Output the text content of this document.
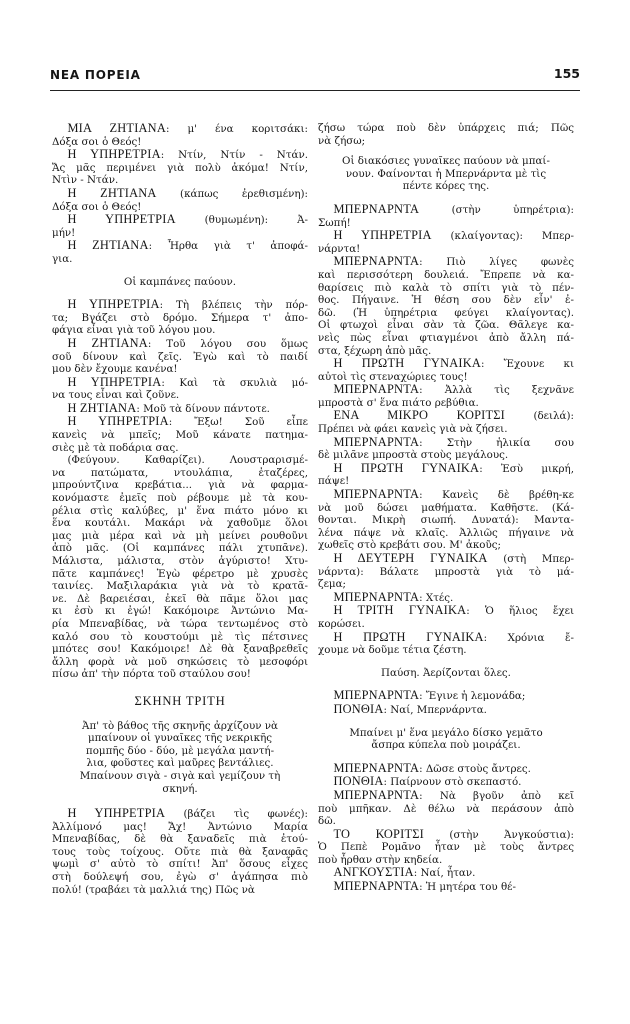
ΝΕΑ ΠΟΡΕΙΑ	155
ΜΙΑ ΖΗΤΙΑΝΑ: μ' ένα κοριτσάκι:
Δόξα σοι ὁ Θεός!
Η ΥΠΗΡΕΤΡΙΑ: Ντίν, Ντίν - Ντάν.
Ἄς μᾶς περιμένει γιὰ πολὺ ἀκόμα! Ντίν,
Ντὶν - Ντάν.
Η ΖΗΤΙΑΝΑ (κάπως ἐρεθισμένη):
Δόξα σοι ὁ Θεός!
Η ΥΠΗΡΕΤΡΙΑ (θυμωμένη): Ἀ-
μήν!
Η ΖΗΤΙΑΝΑ: Ἦρθα γιὰ τ' ἀποφά-
για.
Οἱ καμπάνες παύουν.
Η ΥΠΗΡΕΤΡΙΑ: Τὴ βλέπεις τὴν πόρ-
τα; Βγάζει στὸ δρόμο. Σήμερα τ' ἀπο-
φάγια εἶναι γιὰ τοῦ λόγου μου.
Η ΖΗΤΙΑΝΑ: Τοῦ λόγου σου ὅμως
σοῦ δίνουν καὶ ζεῖς. Ἐγὼ καὶ τὸ παιδί
μου δὲν ἔχουμε κανένα!
Η ΥΠΗΡΕΤΡΙΑ: Καὶ τὰ σκυλιὰ μό-
να τους εἶναι καὶ ζοῦνε.
Η ΖΗΤΙΑΝΑ: Μοῦ τὰ δίνουν πάντοτε.
Η ΥΠΗΡΕΤΡΙΑ: Ἔξω! Σοῦ εἶπε
κανεὶς νὰ μπεῖς; Μοῦ κάνατε πατημα-
σιὲς μὲ τὰ ποδάρια σας.
(Φεύγουν. Καθαρίζει). Λουστραρισμέ-
να πατώματα, ντουλάπια, ἐταζέρες,
μπρούντζινα κρεβάτια... γιὰ νὰ φαρμα-
κονόμαστε ἐμεῖς ποὺ ρέβουμε μὲ τὰ κου-
ρέλια στὶς καλύβες, μ' ἕνα πιάτο μόνο κι
ἕνα κουτάλι. Μακάρι νὰ χαθοῦμε ὅλοι
μας μιὰ μέρα καὶ νὰ μὴ μείνει ρουθοῦνι
ἀπὸ μᾶς. (Οἱ καμπάνες πάλι χτυπᾶνε).
Μάλιστα, μάλιστα, στὸν ἀγύριστο! Χτυ-
πᾶτε καμπάνες! Ἐγὼ φέρετρο μὲ χρυσὲς
ταινίες. Μαξιλαράκια γιὰ νὰ τὸ κρατᾶ-
νε. Δὲ βαρειέσαι, ἐκεῖ θὰ πᾶμε ὅλοι μας
κι ἐσὺ κι ἐγώ! Κακόμοιρε Ἀντώνιο Μα-
ρία Μπεναβίδας, νὰ τώρα τεντωμένος στὸ
καλό σου τὸ κουστούμι μὲ τὶς πέτσινες
μπότες σου! Κακόμοιρε! Δὲ θὰ ξαναβρεθεῖς
ἄλλη φορὰ νὰ μοῦ σηκώσεις τὸ μεσοφόρι
πίσω ἀπ' τὴν πόρτα τοῦ σταύλου σου!
ΣΚΗΝΗ ΤΡΙΤΗ
Ἀπ' τὸ βάθος τῆς σκηνῆς ἀρχίζουν νὰ
μπαίνουν οἱ γυναῖκες τῆς νεκρικῆς
πομπῆς δύο - δύο, μὲ μεγάλα μαντή-
λια, φοῦστες καὶ μαῦρες βεντάλιες.
Μπαίνουν σιγὰ - σιγὰ καὶ γεμίζουν τὴ
σκηνή.
Η ΥΠΗΡΕΤΡΙΑ (βάζει τὶς φωνές):
Ἀλλίμονό μας! Ἄχ! Ἀντώνιο Μαρία
Μπεναβίδας, δὲ θὰ ξαναδεῖς πιὰ ἐτού-
τους τοὺς τοίχους. Οὔτε πιὰ θὰ ξαναφᾶς
ψωμὶ σ' αὐτὸ τὸ σπίτι! Ἀπ' ὅσους εἶχες
στὴ δούλεψή σου, ἐγὼ σ' ἀγάπησα πιὸ
πολύ! (τραβάει τὰ μαλλιά της) Πῶς νὰ
ζήσω τώρα ποὺ δὲν ὑπάρχεις πιά; Πῶς
νὰ ζήσω;
Οἱ διακόσιες γυναῖκες παύουν νὰ μπαί-
νουν. Φαίνονται ἡ Μπερνάρντα μὲ τὶς
πέντε κόρες της.
ΜΠΕΡΝΑΡΝΤΑ (στὴν ὑπηρέτρια):
Σωπή!
Η ΥΠΗΡΕΤΡΙΑ (κλαίγοντας): Μπερ-
νάρντα!
ΜΠΕΡΝΑΡΝΤΑ: Πιὸ λίγες φωνὲς
καὶ περισσότερη δουλειά. Ἔπρεπε νὰ κα-
θαρίσεις πιὸ καλὰ τὸ σπίτι γιὰ τὸ πέν-
θος. Πήγαινε. Ἡ θέση σου δὲν εἶν' ἐ-
δῶ. (Ἡ ὑπηρέτρια φεύγει κλαίγοντας).
Οἱ φτωχοὶ εἶναι σὰν τὰ ζῶα. Θᾶλεγε κα-
νεὶς πὼς εἶναι φτιαγμένοι ἀπὸ ἄλλη πά-
στα, ξέχωρη ἀπὸ μᾶς.
Η ΠΡΩΤΗ ΓΥΝΑΙΚΑ: Ἔχουνε κι
αὐτοὶ τὶς στεναχώριες τους!
ΜΠΕΡΝΑΡΝΤΑ: Ἀλλὰ τὶς ξεχνᾶνε
μπροστὰ σ' ἕνα πιάτο ρεβύθια.
ΕΝΑ ΜΙΚΡΟ ΚΟΡΙΤΣΙ (δειλά):
Πρέπει νὰ φάει κανεὶς γιὰ νὰ ζήσει.
ΜΠΕΡΝΑΡΝΤΑ: Στὴν ἡλικία σου
δὲ μιλᾶνε μπροστὰ στοὺς μεγάλους.
Η ΠΡΩΤΗ ΓΥΝΑΙΚΑ: Ἐσὺ μικρή,
πάψε!
ΜΠΕΡΝΑΡΝΤΑ: Κανεὶς δὲ βρέθη-κε
νὰ μοῦ δώσει μαθήματα. Καθῆστε. (Κά-
θονται. Μικρὴ σιωπή. Δυνατά): Μαντα-
λένα πάψε νὰ κλαῖς. Ἀλλιῶς πήγαινε νὰ
χωθεῖς στὸ κρεβάτι σου. Μ' ἀκοῦς;
Η ΔΕΥΤΕΡΗ ΓΥΝΑΙΚΑ (στὴ Μπερ-
νάρντα): Βάλατε μπροστὰ γιὰ τὸ μά-
ζεμα;
ΜΠΕΡΝΑΡΝΤΑ: Χτές.
Η ΤΡΙΤΗ ΓΥΝΑΙΚΑ: Ὁ ἥλιος ἔχει
κορώσει.
Η ΠΡΩΤΗ ΓΥΝΑΙΚΑ: Χρόνια ἔ-
χουμε νὰ δοῦμε τέτια ζέστη.
Παύση. Ἀερίζονται ὅλες.
ΜΠΕΡΝΑΡΝΤΑ: Ἔγινε ἡ λεμονάδα;
ΠΟΝΘΙΑ: Ναί, Μπερνάρντα.
Μπαίνει μ' ἕνα μεγάλο δίσκο γεμᾶτο
ἄσπρα κύπελα ποὺ μοιράζει.
ΜΠΕΡΝΑΡΝΤΑ: Δῶσε στοὺς ἄντρες.
ΠΟΝΘΙΑ: Παίρνουν στὸ σκεπαστό.
ΜΠΕΡΝΑΡΝΤΑ: Νὰ βγοῦν ἀπὸ κεῖ
ποὺ μπῆκαν. Δὲ θέλω νὰ περάσουν ἀπὸ
δῶ.
ΤΟ ΚΟΡΙΤΣΙ (στὴν Ἀνγκούστια):
Ὁ Πεπὲ Ρομᾶνο ἦταν μὲ τοὺς ἄντρες
ποὺ ἦρθαν στὴν κηδεία.
ΑΝΓΚΟΥΣΤΙΑ: Ναί, ἦταν.
ΜΠΕΡΝΑΡΝΤΑ: Ἡ μητέρα του θέ-
